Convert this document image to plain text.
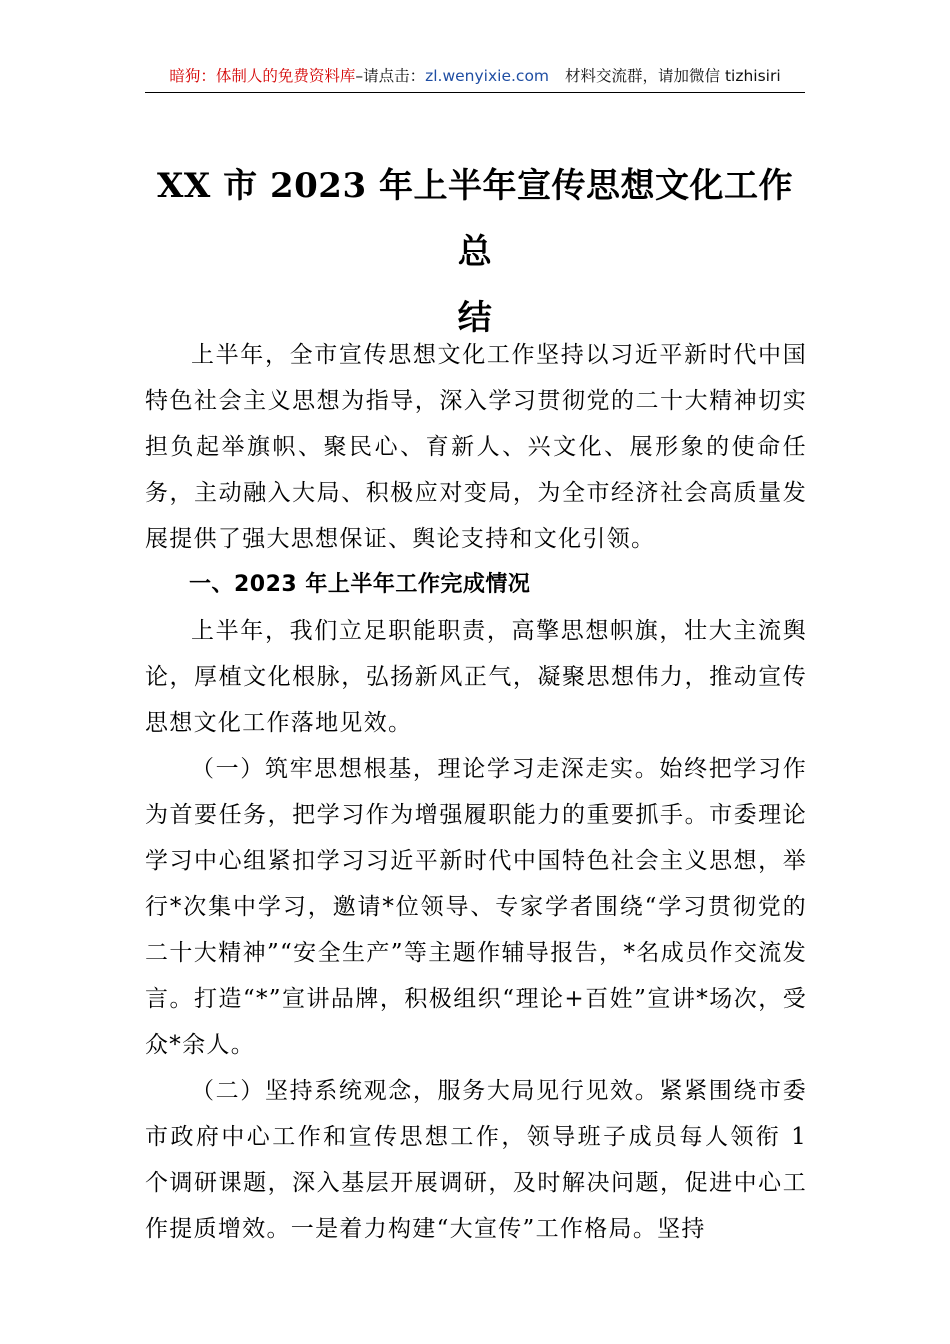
暗狗：体制人的免费资料库–请点击：zl.wenyixie.com 材料交流群，请加微信 tizhisiri
XX 市 2023 年上半年宣传思想文化工作总
结

上半年，全市宣传思想文化工作坚持以习近平新时代中国特色社会主义思想为指导，深入学习贯彻党的二十大精神切实担负起举旗帜、聚民心、育新人、兴文化、展形象的使命任务，主动融入大局、积极应对变局，为全市经济社会高质量发展提供了强大思想保证、舆论支持和文化引领。

一、2023 年上半年工作完成情况

上半年，我们立足职能职责，高擎思想帜旗，壮大主流舆论，厚植文化根脉，弘扬新风正气，凝聚思想伟力，推动宣传思想文化工作落地见效。

（一）筑牢思想根基，理论学习走深走实。始终把学习作为首要任务，把学习作为增强履职能力的重要抓手。市委理论学习中心组紧扣学习习近平新时代中国特色社会主义思想，举行*次集中学习，邀请*位领导、专家学者围绕“学习贯彻党的二十大精神”“安全生产”等主题作辅导报告，*名成员作交流发言。打造“*”宣讲品牌，积极组织“理论+百姓”宣讲*场次，受众*余人。

（二）坚持系统观念，服务大局见行见效。紧紧围绕市委市政府中心工作和宣传思想工作，领导班子成员每人领衔 1 个调研课题，深入基层开展调研，及时解决问题，促进中心工作提质增效。一是着力构建“大宣传”工作格局。坚持
